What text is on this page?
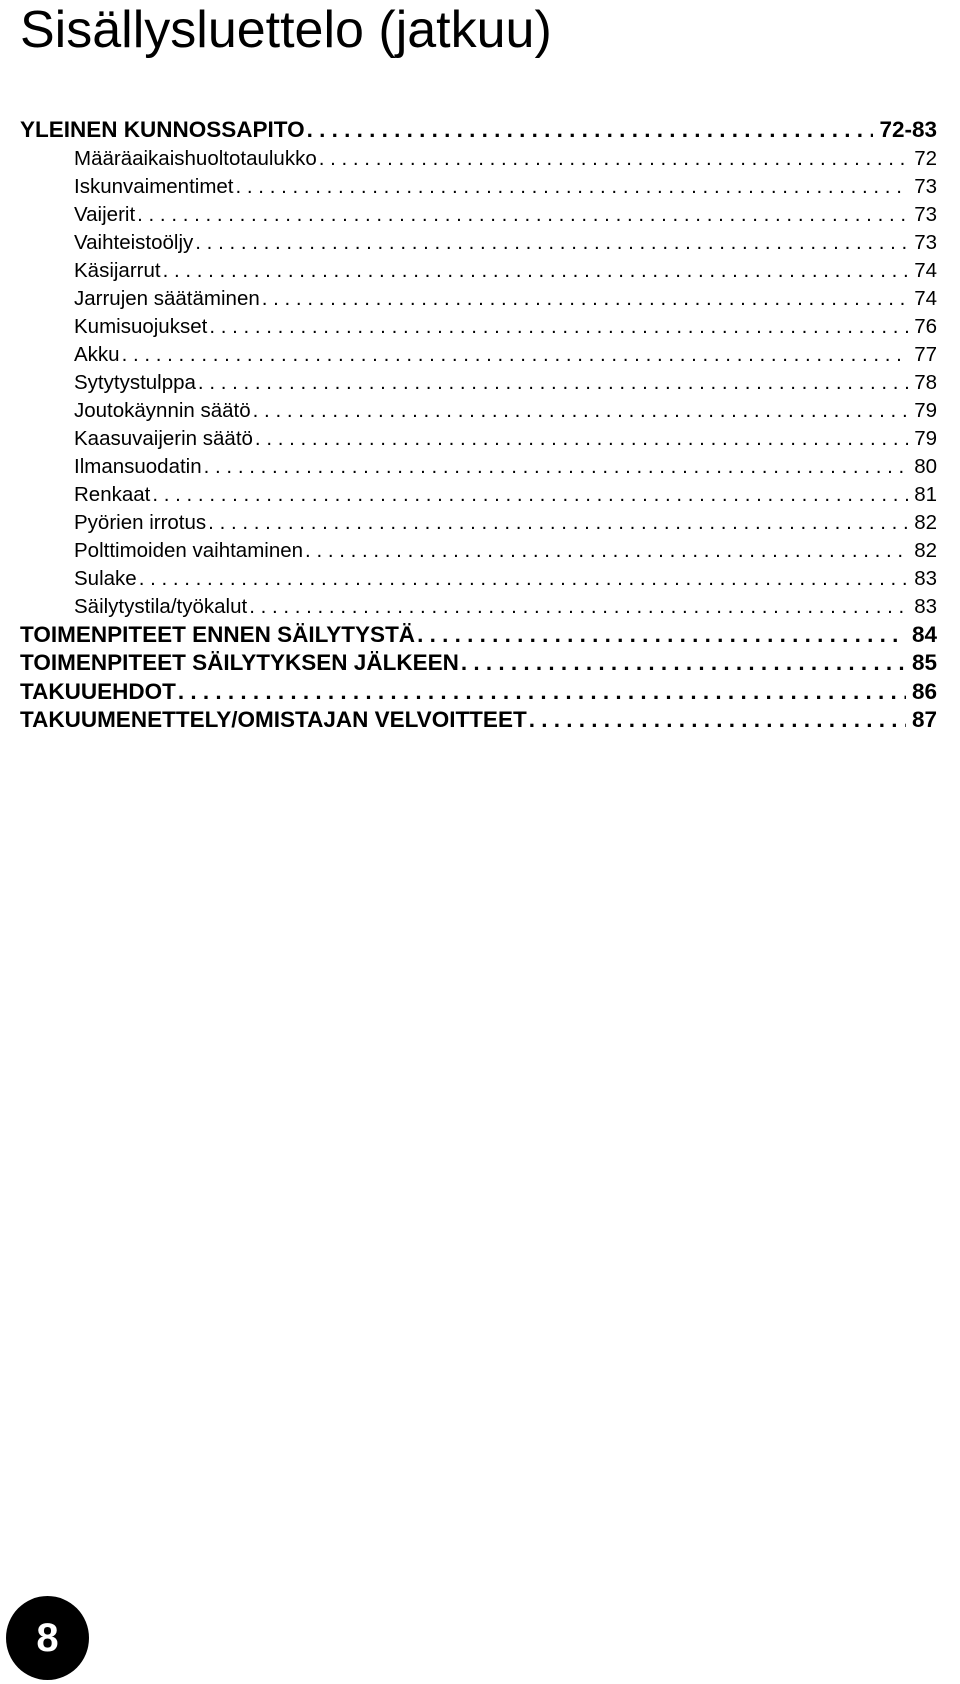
Sisällysluettelo (jatkuu)
YLEINEN KUNNOSSAPITO . . .	72-83
Määräaikaishuoltotaulukko . . .	72
Iskunvaimentimet . . .	73
Vaijerit . . .	73
Vaihteistoöljy . . .	73
Käsijarrut . . .	74
Jarrujen säätäminen . . .	74
Kumisuojukset . . .	76
Akku . . .	77
Sytytystulppa . . .	78
Joutokäynnin säätö . . .	79
Kaasuvaijerin säätö . . .	79
Ilmansuodatin . . .	80
Renkaat . . .	81
Pyörien irrotus . . .	82
Polttimoiden vaihtaminen . . .	82
Sulake . . .	83
Säilytystila/työkalut . . .	83
TOIMENPITEET ENNEN SÄILYTYSTÄ . . .	84
TOIMENPITEET SÄILYTYKSEN JÄLKEEN . . .	85
TAKUUEHDOT . . .	86
TAKUUMENETTELY/OMISTAJAN VELVOITTEET . . .	87
8
